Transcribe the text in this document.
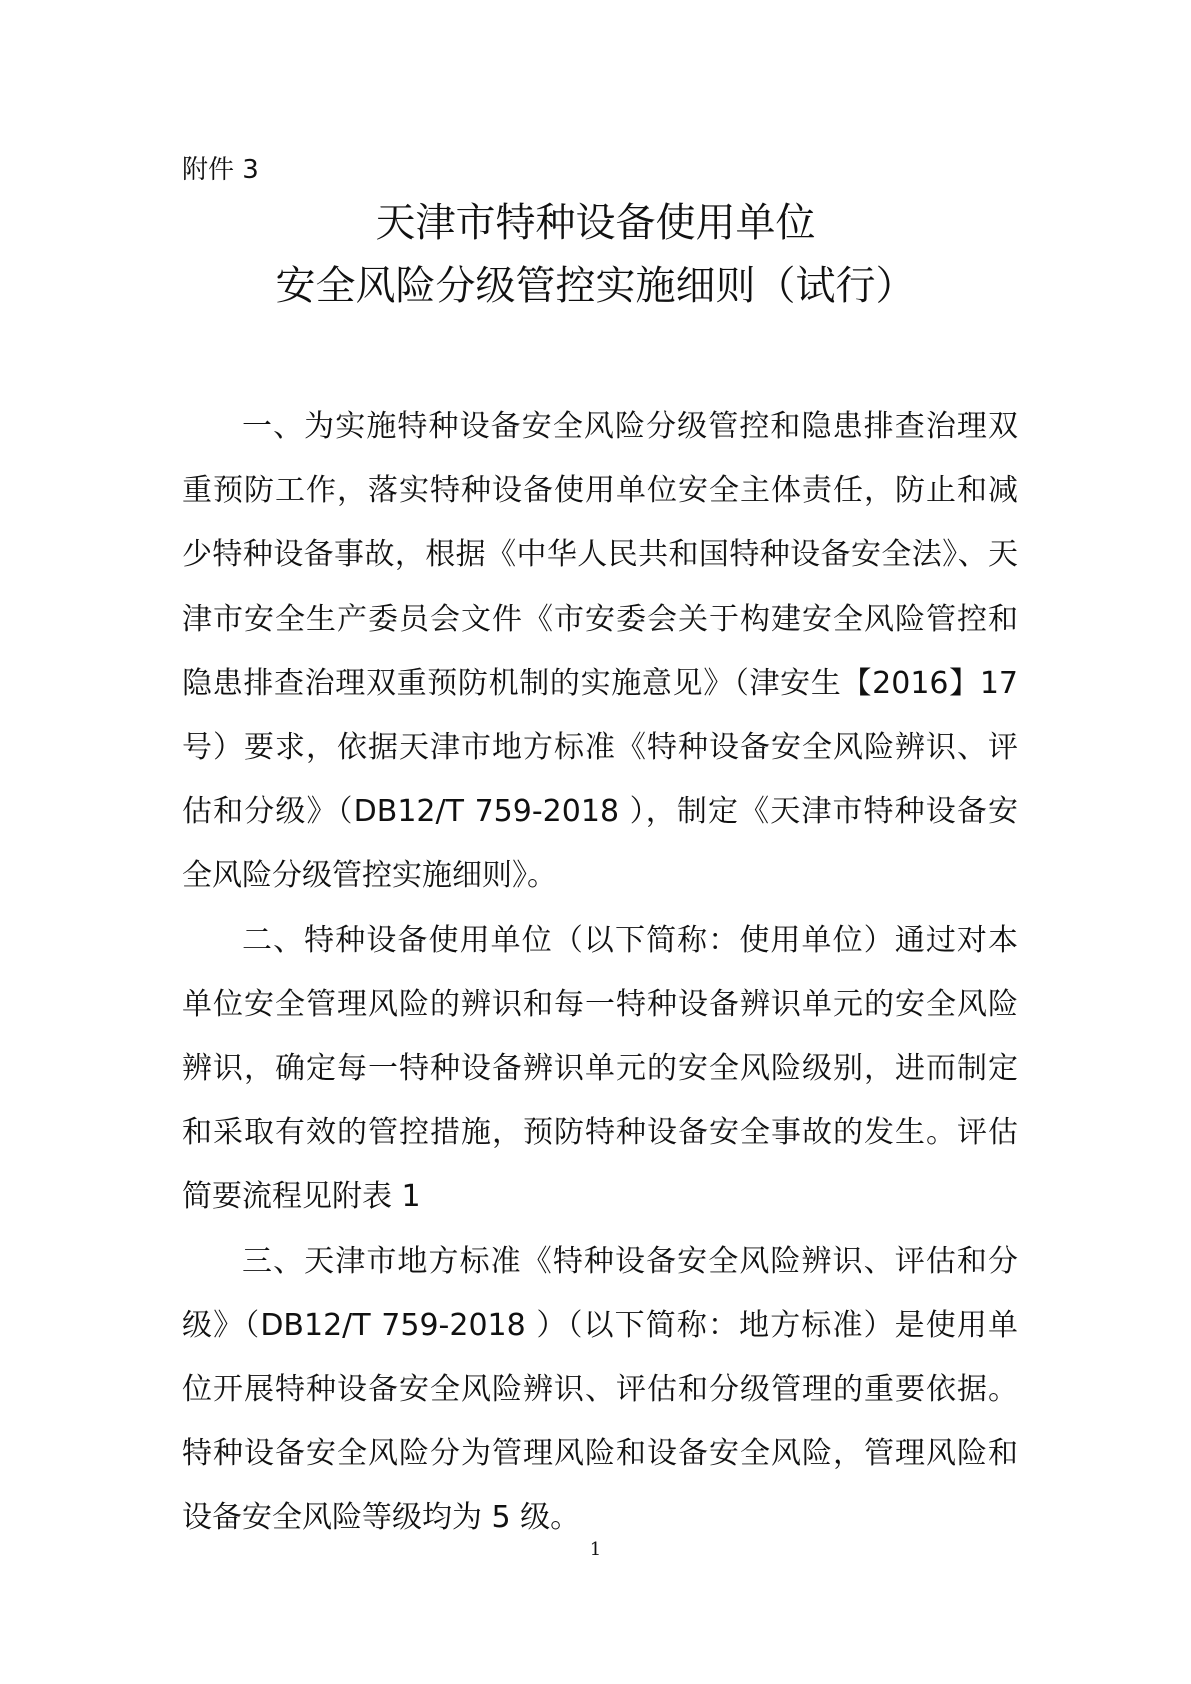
附件 3
天津市特种设备使用单位
安全风险分级管控实施细则（试行）

一、为实施特种设备安全风险分级管控和隐患排查治理双重预防工作，落实特种设备使用单位安全主体责任，防止和减少特种设备事故，根据《中华人民共和国特种设备安全法》、天津市安全生产委员会文件《市安委会关于构建安全风险管控和隐患排查治理双重预防机制的实施意见》（津安生【2016】17 号）要求，依据天津市地方标准《特种设备安全风险辨识、评估和分级》（DB12/T 759-2018 ），制定《天津市特种设备安全风险分级管控实施细则》。

二、特种设备使用单位（以下简称：使用单位）通过对本单位安全管理风险的辨识和每一特种设备辨识单元的安全风险辨识，确定每一特种设备辨识单元的安全风险级别，进而制定和采取有效的管控措施，预防特种设备安全事故的发生。评估简要流程见附表 1

三、天津市地方标准《特种设备安全风险辨识、评估和分级》（DB12/T 759-2018 ）（以下简称：地方标准）是使用单位开展特种设备安全风险辨识、评估和分级管理的重要依据。特种设备安全风险分为管理风险和设备安全风险，管理风险和设备安全风险等级均为 5 级。

1
